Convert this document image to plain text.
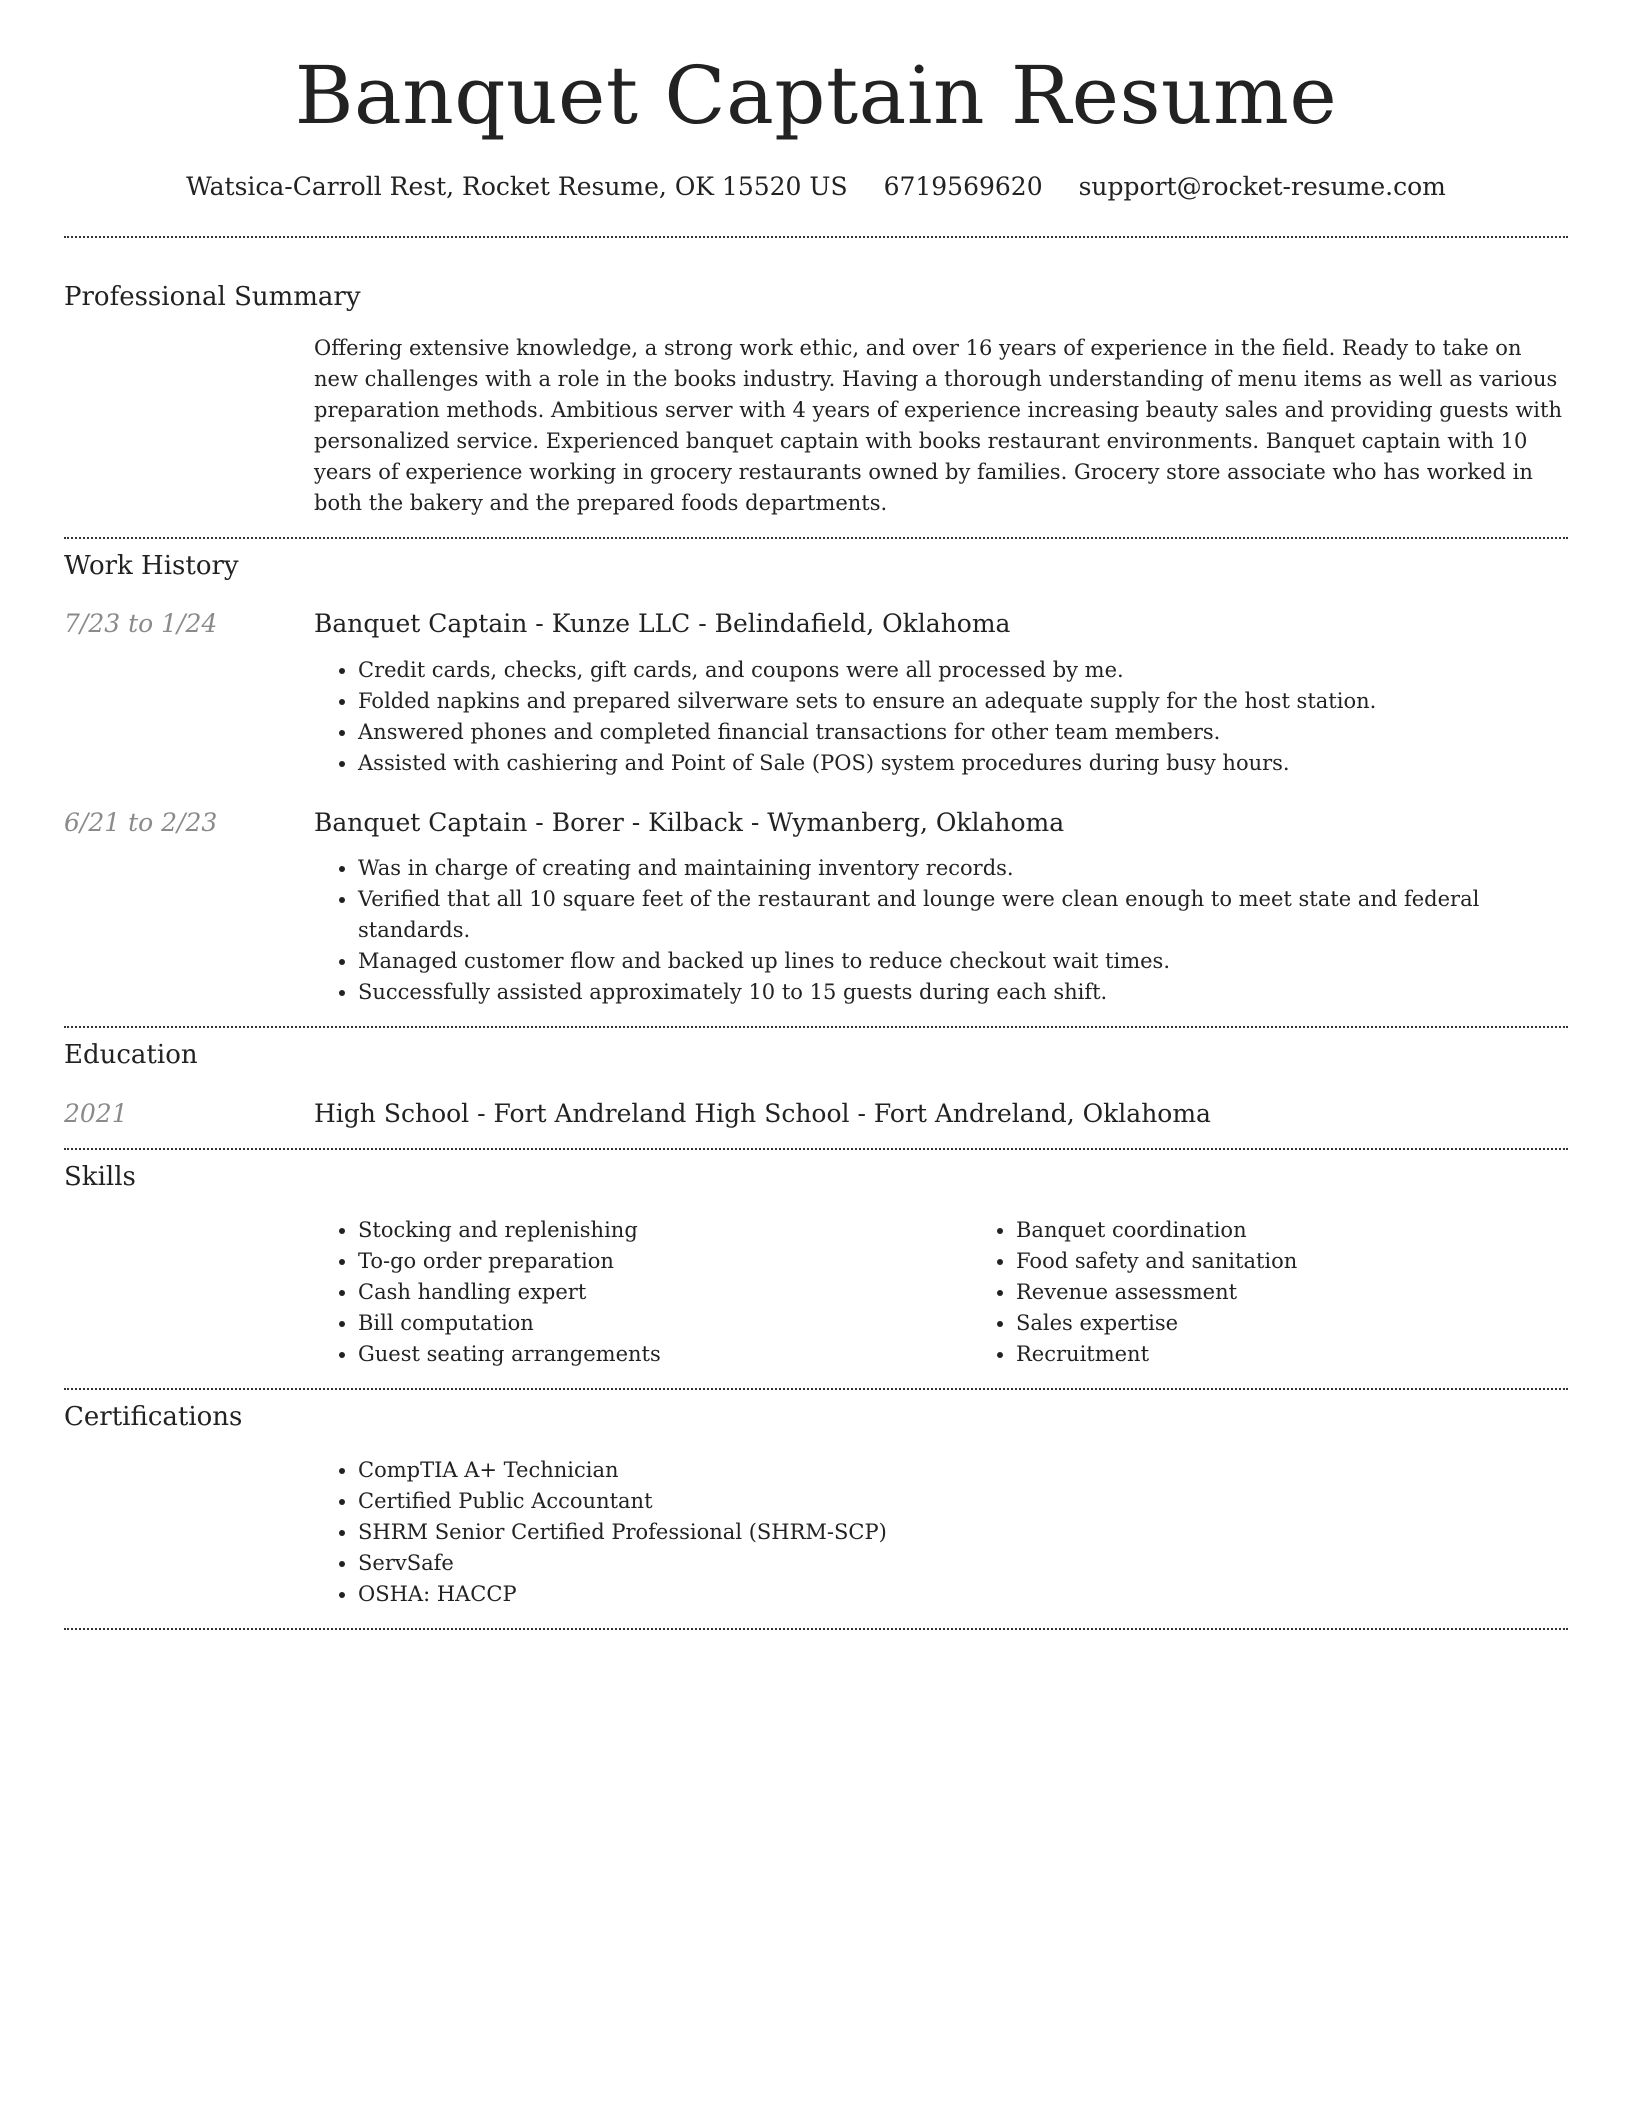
Banquet Captain Resume
Watsica-Carroll Rest, Rocket Resume, OK 15520 US 6719569620 support@rocket-resume.com
Professional Summary

Offering extensive knowledge, a strong work ethic, and over 16 years of experience in the field. Ready to take on new challenges with a role in the books industry. Having a thorough understanding of menu items as well as various preparation methods. Ambitious server with 4 years of experience increasing beauty sales and providing guests with personalized service. Experienced banquet captain with books restaurant environments. Banquet captain with 10 years of experience working in grocery restaurants owned by families. Grocery store associate who has worked in both the bakery and the prepared foods departments.

Work History
7/23 to 1/24	Banquet Captain - Kunze LLC - Belindafield, Oklahoma
• Credit cards, checks, gift cards, and coupons were all processed by me.
• Folded napkins and prepared silverware sets to ensure an adequate supply for the host station.
• Answered phones and completed financial transactions for other team members.
• Assisted with cashiering and Point of Sale (POS) system procedures during busy hours.
6/21 to 2/23	Banquet Captain - Borer - Kilback - Wymanberg, Oklahoma
• Was in charge of creating and maintaining inventory records.
• Verified that all 10 square feet of the restaurant and lounge were clean enough to meet state and federal standards.
• Managed customer flow and backed up lines to reduce checkout wait times.
• Successfully assisted approximately 10 to 15 guests during each shift.
Education
2021	High School - Fort Andreland High School - Fort Andreland, Oklahoma
Skills
• Stocking and replenishing
• To-go order preparation
• Cash handling expert
• Bill computation
• Guest seating arrangements
• Banquet coordination
• Food safety and sanitation
• Revenue assessment
• Sales expertise
• Recruitment
Certifications
• CompTIA A+ Technician
• Certified Public Accountant
• SHRM Senior Certified Professional (SHRM-SCP)
• ServSafe
• OSHA: HACCP
